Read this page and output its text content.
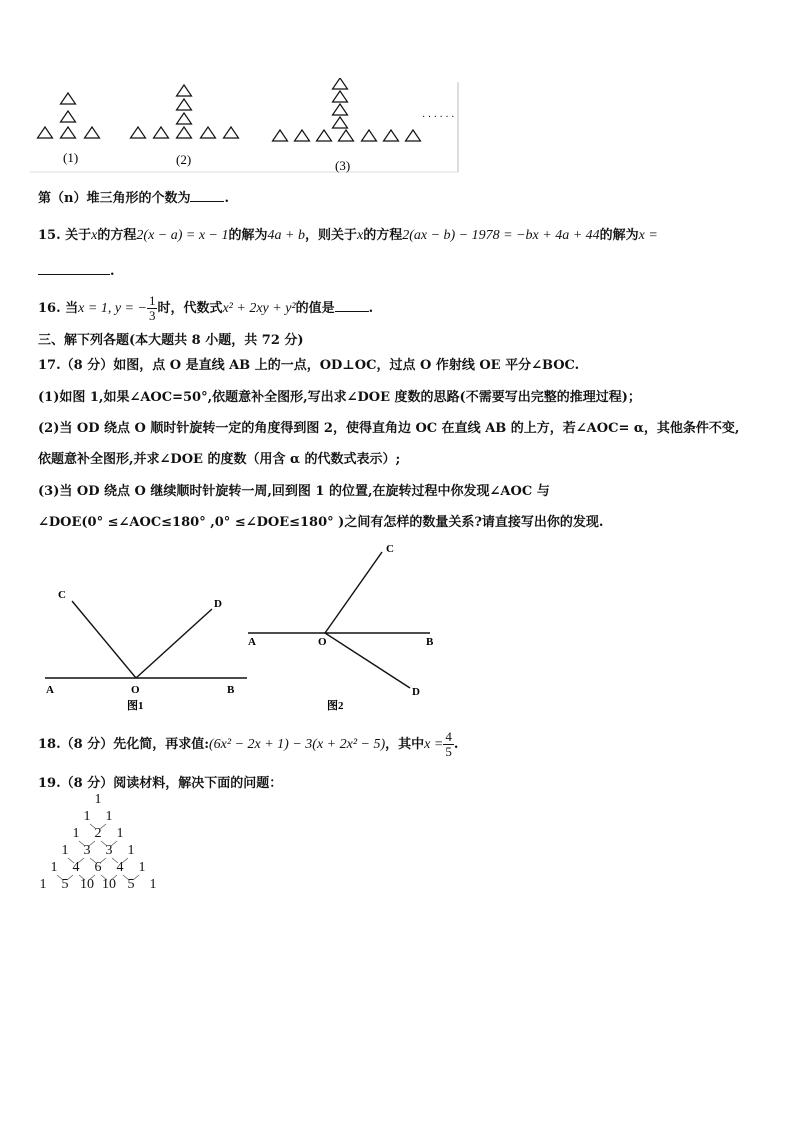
(1)	(2)	(3)
· · · · · ·
第（n）堆三角形的个数为	.
15. 关于x的方程2(x − a) = x − 1的解为4a + b，则关于x的方程2(ax − b) − 1978 = −bx + 4a + 44的解为x =
.
16. 当x = 1, y = − $\frac{1}{3}$ 时，代数式x² + 2xy + y²的值是	.
三、解下列各题(本大题共 8 小题，共 72 分)
17.（8 分）如图，点 O 是直线 AB 上的一点，OD⊥OC，过点 O 作射线 OE 平分∠BOC.
(1)如图 1,如果∠AOC=50°,依题意补全图形,写出求∠DOE 度数的思路(不需要写出完整的推理过程)；
(2)当 OD 绕点 O 顺时针旋转一定的角度得到图 2，使得直角边 OC 在直线 AB 的上方，若∠AOC= α，其他条件不变,
依题意补全图形,并求∠DOE 的度数（用含 α 的代数式表示）;
(3)当 OD 绕点 O 继续顺时针旋转一周,回到图 1 的位置,在旋转过程中你发现∠AOC 与
∠DOE(0° ≤∠AOC≤180° ,0° ≤∠DOE≤180° )之间有怎样的数量关系?请直接写出你的发现.
C
D
A	O	B
图1
C
A	O	B
D
图2
18.（8 分）先化简，再求值:(6x² − 2x + 1) − 3(x + 2x² − 5)，其中$x = \frac{4}{5}$ .
19.（8 分）阅读材料，解决下面的问题：
1
1 1
1 2 1
1 3 3 1
1 4 6 4 1
1 5 10 10 5 1
